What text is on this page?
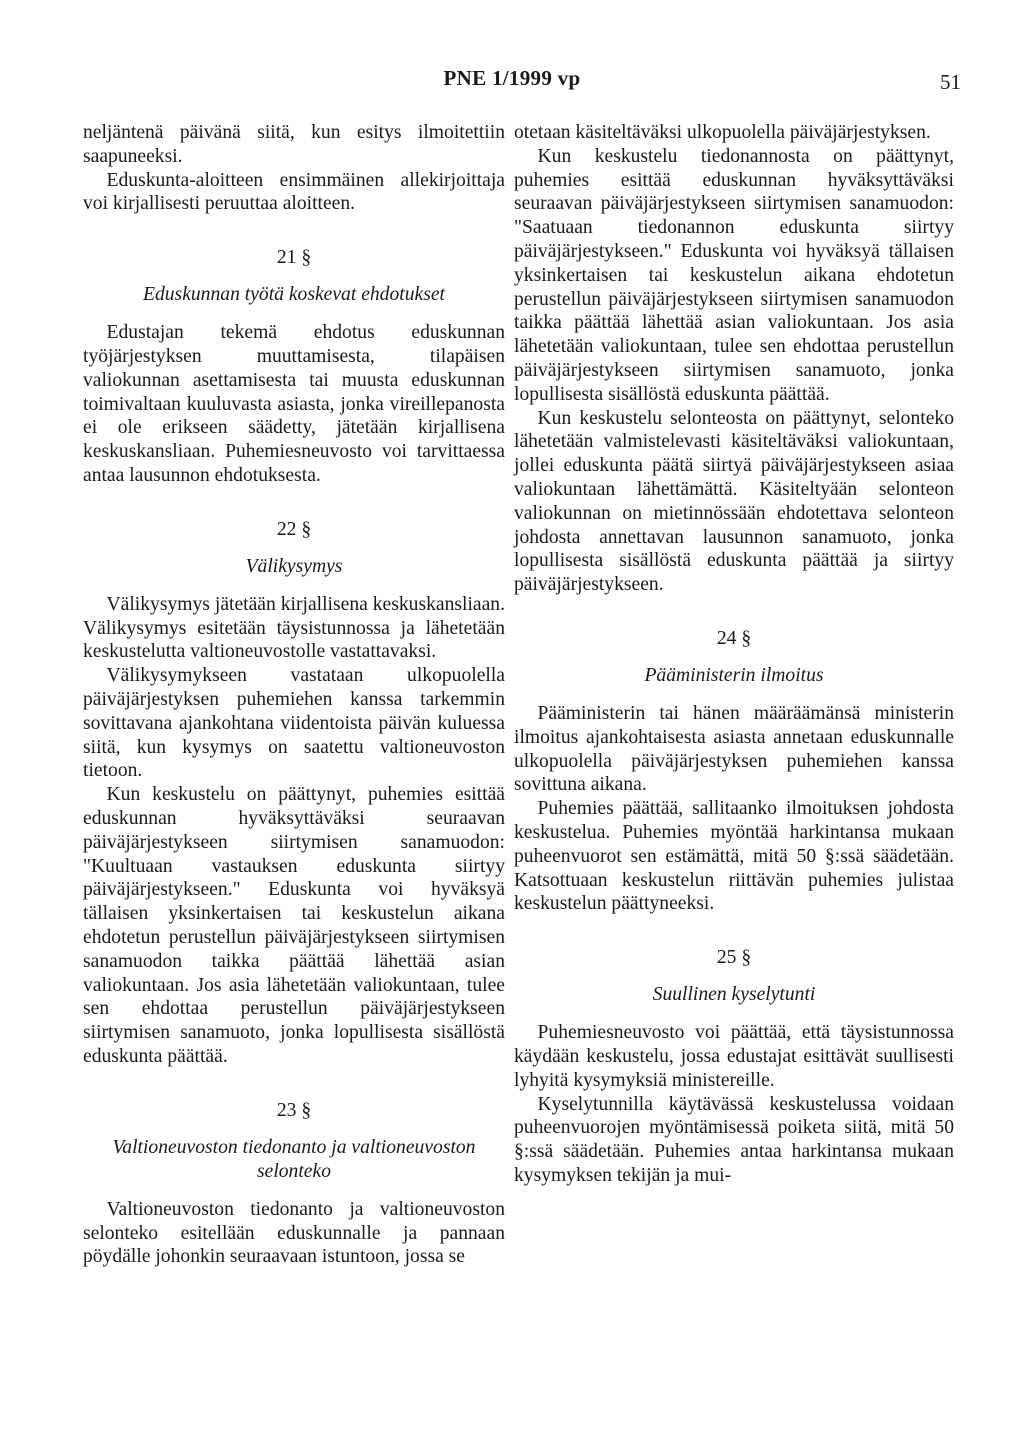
PNE 1/1999 vp	51

neljäntenä päivänä siitä, kun esitys ilmoitettiin saapuneeksi.

Eduskunta-aloitteen ensimmäinen allekirjoittaja voi kirjallisesti peruuttaa aloitteen.

21 §

Eduskunnan työtä koskevat ehdotukset

Edustajan tekemä ehdotus eduskunnan työjärjestyksen muuttamisesta, tilapäisen valiokunnan asettamisesta tai muusta eduskunnan toimivaltaan kuuluvasta asiasta, jonka vireillepanosta ei ole erikseen säädetty, jätetään kirjallisena keskuskansliaan. Puhemiesneuvosto voi tarvittaessa antaa lausunnon ehdotuksesta.

22 §

Välikysymys

Välikysymys jätetään kirjallisena keskuskansliaan. Välikysymys esitetään täysistunnossa ja lähetetään keskustelutta valtioneuvostolle vastattavaksi.

Välikysymykseen vastataan ulkopuolella päiväjärjestyksen puhemiehen kanssa tarkemmin sovittavana ajankohtana viidentoista päivän kuluessa siitä, kun kysymys on saatettu valtioneuvoston tietoon.

Kun keskustelu on päättynyt, puhemies esittää eduskunnan hyväksyttäväksi seuraavan päiväjärjestykseen siirtymisen sanamuodon: "Kuultuaan vastauksen eduskunta siirtyy päiväjärjestykseen." Eduskunta voi hyväksyä tällaisen yksinkertaisen tai keskustelun aikana ehdotetun perustellun päiväjärjestykseen siirtymisen sanamuodon taikka päättää lähettää asian valiokuntaan. Jos asia lähetetään valiokuntaan, tulee sen ehdottaa perustellun päiväjärjestykseen siirtymisen sanamuoto, jonka lopullisesta sisällöstä eduskunta päättää.

23 §

Valtioneuvoston tiedonanto ja valtioneuvoston selonteko

Valtioneuvoston tiedonanto ja valtioneuvoston selonteko esitellään eduskunnalle ja pannaan pöydälle johonkin seuraavaan istuntoon, jossa se

otetaan käsiteltäväksi ulkopuolella päiväjärjestyksen.

Kun keskustelu tiedonannosta on päättynyt, puhemies esittää eduskunnan hyväksyttäväksi seuraavan päiväjärjestykseen siirtymisen sanamuodon: "Saatuaan tiedonannon eduskunta siirtyy päiväjärjestykseen." Eduskunta voi hyväksyä tällaisen yksinkertaisen tai keskustelun aikana ehdotetun perustellun päiväjärjestykseen siirtymisen sanamuodon taikka päättää lähettää asian valiokuntaan. Jos asia lähetetään valiokuntaan, tulee sen ehdottaa perustellun päiväjärjestykseen siirtymisen sanamuoto, jonka lopullisesta sisällöstä eduskunta päättää.

Kun keskustelu selonteosta on päättynyt, selonteko lähetetään valmistelevasti käsiteltäväksi valiokuntaan, jollei eduskunta päätä siirtyä päiväjärjestykseen asiaa valiokuntaan lähettämättä. Käsiteltyään selonteon valiokunnan on mietinnössään ehdotettava selonteon johdosta annettavan lausunnon sanamuoto, jonka lopullisesta sisällöstä eduskunta päättää ja siirtyy päiväjärjestykseen.

24 §

Pääministerin ilmoitus

Pääministerin tai hänen määräämänsä ministerin ilmoitus ajankohtaisesta asiasta annetaan eduskunnalle ulkopuolella päiväjärjestyksen puhemiehen kanssa sovittuna aikana.

Puhemies päättää, sallitaanko ilmoituksen johdosta keskustelua. Puhemies myöntää harkintansa mukaan puheenvuorot sen estämättä, mitä 50 §:ssä säädetään. Katsottuaan keskustelun riittävän puhemies julistaa keskustelun päättyneeksi.

25 §

Suullinen kyselytunti

Puhemiesneuvosto voi päättää, että täysistunnossa käydään keskustelu, jossa edustajat esittävät suullisesti lyhyitä kysymyksiä ministereille.

Kyselytunnilla käytävässä keskustelussa voidaan puheenvuorojen myöntämisessä poiketa siitä, mitä 50 §:ssä säädetään. Puhemies antaa harkintansa mukaan kysymyksen tekijän ja mui-
